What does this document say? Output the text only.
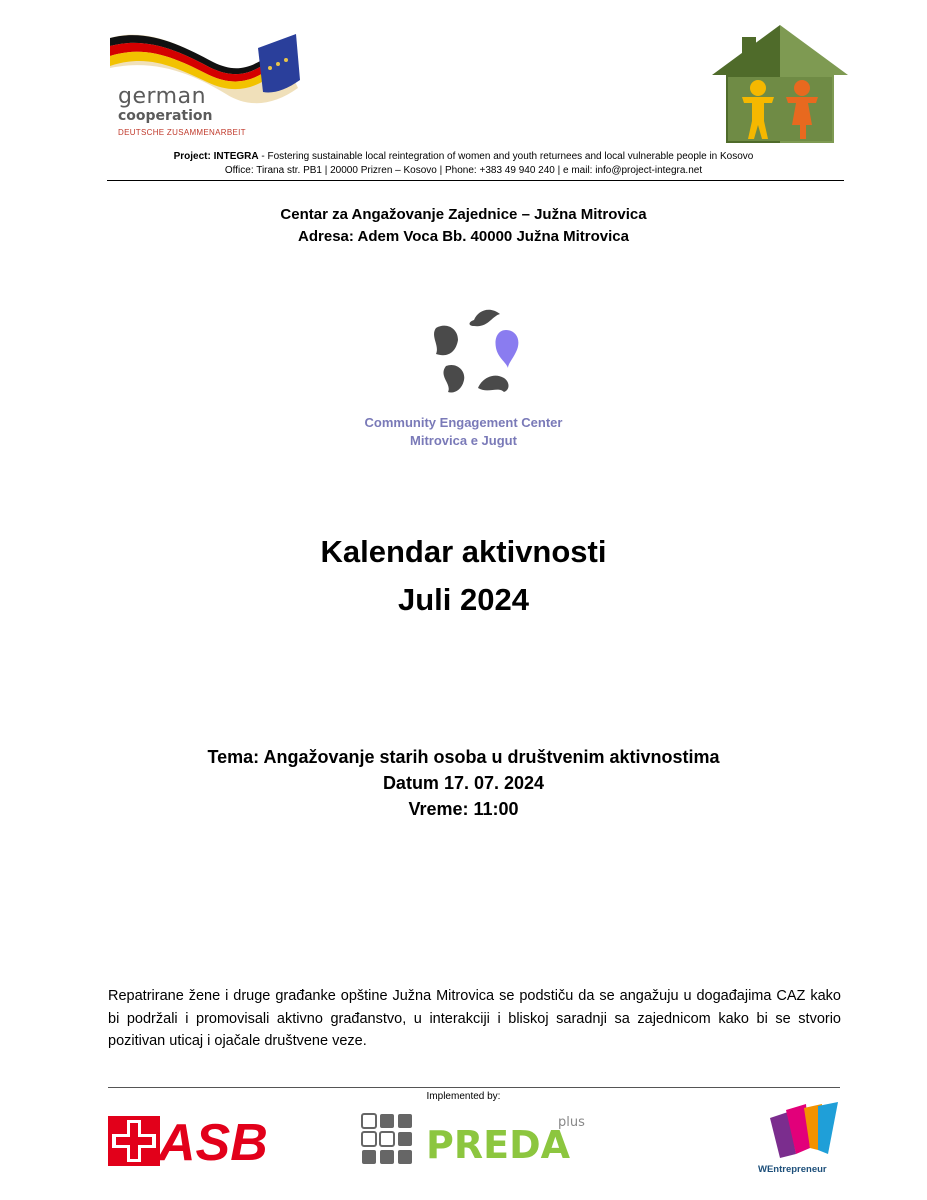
german
cooperation
DEUTSCHE ZUSAMMENARBEIT
Project: INTEGRA - Fostering sustainable local reintegration of women and youth returnees and local vulnerable people in Kosovo
Office: Tirana str. PB1 | 20000 Prizren – Kosovo | Phone: +383 49 940 240 | e mail: info@project-integra.net
Centar za Angažovanje Zajednice – Južna Mitrovica
Adresa: Adem Voca Bb. 40000 Južna Mitrovica
Community Engagement Center
Mitrovica e Jugut
Kalendar aktivnosti
Juli 2024
Tema: Angažovanje starih osoba u društvenim aktivnostima
Datum 17. 07. 2024
Vreme: 11:00
Repatrirane žene i druge građanke opštine Južna Mitrovica se podstiču da se angažuju u događajima CAZ kako bi podržali i promovisali aktivno građanstvo, u interakciji i bliskoj saradnji sa zajednicom kako bi se stvorio pozitivan uticaj i ojačale društvene veze.
Implemented by:
ASB	PREDA
plus
WEntrepreneur
